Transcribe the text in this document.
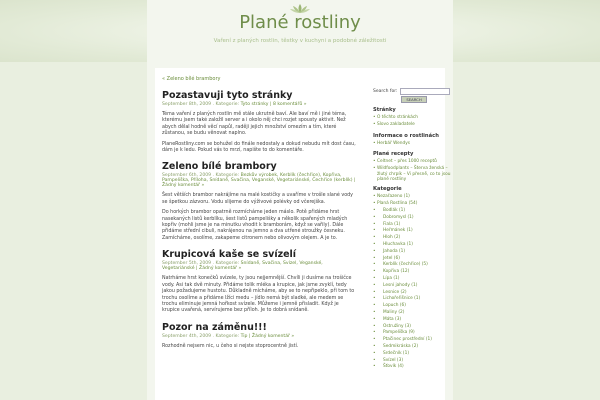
Plané rostliny
Vaření z planých rostlin, těstky v kuchyni a podobné záležitosti
« Zeleno bílé brambory
Pozastavuji tyto stránky
September 8th, 2009 . Kategorie: Tyto stránky | 8 komentářů »

Téma vaření z planých rostlin mě stále ukrutně baví. Ale baví mě i jiné téma, kterému jsem také založil server a i okolo něj chci rozjet spousty aktivit. Než abych dělal hodně věcí napůl, raději jejich množství omezím a tím, které zůstanou, se budu věnovat naplno.

PlaneRostliny.com se bohužel do finále nedostaly a dokud nebudu mít dost času, dám je k ledu. Pokud vás to mrzí, napište to do komentáře.

Zeleno bílé brambory
September 6th, 2009 . Kategorie: Bezkův výrobek, Kerblík (čechřice), Kopřiva, Pampeliška, Příloha, Snídaně, Svačina, Veganské, Vegetariánské, Čechřice (kerblík) | Žádný komentář »

Šest větších brambor nakrájíme na malé kostičky a uvaříme v trošle slané vody se špetkou zázvoru. Vodu slijeme do výživové polévky od včerejška.

Do horkých brambor opatrně rozmícháme jeden máslo. Potě přidáme hrst nasekaných listů kerblíku, šest listů pampelišky a několik spařených mladých kopřiv (mohli jsme je na minutku vhodit k bramborám, když se vařily). Dále přidáme střední cibuli, nakrájenou na jemno a dva utřené stroužky česneku. Zamícháme, osolíme, zakapeme citronem nebo olivovým olejem. A je to.

Krupicová kaše se svízelí
September 5th, 2009 . Kategorie: Snídaně, Svačina, Svízel, Veganské, Vegetariánské | Žádný komentář »

Natrháme hrst konečků svízele, ty jsou nejjemnější. Chvíli ji dusíme na trošičce vody. Asi tak dvě minuty. Přidáme tolik mléka a krupice, jak jsme zvyklí, tedy jakou požadujeme hustotu. Důkladně mícháme, aby se to nepřipeklo, při tom to trochu osolíme a přidáme lžíci medu – jídlo nemá být sladké, ale medem se trochu eliminuje jemná hořkost svízele. Můžeme i jemně přisladit. Když je krupice uvařená, servírujeme bez příloh. Je to dobrá snídaně.

Pozor na záměnu!!!
September 4th, 2009 . Kategorie: Tip | Žádný komentář »

Rozhodně nejsem nic, u čeho si nejste stoprocentně jistí.

Search for:
SEARCH
Stránky
• O těchto stránkách
• Slovo zakladatele
Informace o rostlinách
• Herbář Wendys
Plané recepty
• Celtnet – přes 1000 receptů
• Wildfoodplants – Šterva ženská – žlutý chrpík – Vi přesně, co to jsou plané rostliny
Kategorie
• Nezařazeno (1)
• Planá Rostlina (54)
• Bodlák (1)
• Dobromysl (1)
• Fiala (1)
• Heřmánek (1)
• Hloh (2)
• Hluchavka (1)
• Jahoda (1)
• Jetel (6)
• Kerblík (čechřice) (5)
• Kopřiva (12)
• Lípa (1)
• Lesní jahody (1)
• Lesnice (2)
• Lichořeřišnice (1)
• Lopuch (6)
• Maliny (2)
• Máta (3)
• Ostružiny (3)
• Pampeliška (9)
• Ptačinec prostřední (1)
• Sedmikráska (2)
• Srdečník (1)
• Svízel (3)
• Šťovík (4)
